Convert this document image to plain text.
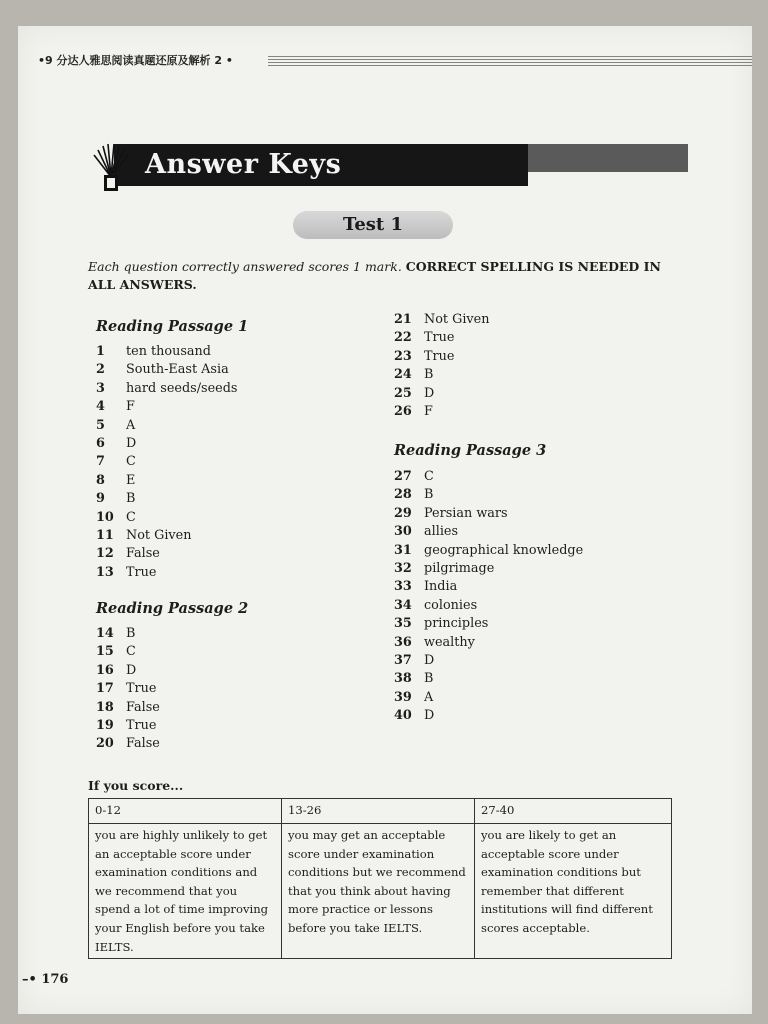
•9 分达人雅思阅读真题还原及解析 2 •
Answer Keys
Test 1
Each question correctly answered scores 1 mark. CORRECT SPELLING IS NEEDED IN ALL ANSWERS.
Reading Passage 1
1 ten thousand
2 South-East Asia
3 hard seeds/seeds
4 F
5 A
6 D
7 C
8 E
9 B
10 C
11 Not Given
12 False
13 True
Reading Passage 2
14 B
15 C
16 D
17 True
18 False
19 True
20 False
21 Not Given
22 True
23 True
24 B
25 D
26 F
Reading Passage 3
27 C
28 B
29 Persian wars
30 allies
31 geographical knowledge
32 pilgrimage
33 India
34 colonies
35 principles
36 wealthy
37 D
38 B
39 A
40 D
If you score...
0-12	13-26	27-40
you are highly unlikely to get an acceptable score under examination conditions and we recommend that you spend a lot of time improving your English before you take IELTS.	you may get an acceptable score under examination conditions but we recommend that you think about having more practice or lessons before you take IELTS.	you are likely to get an acceptable score under examination conditions but remember that different institutions will find different scores acceptable.
–• 176
